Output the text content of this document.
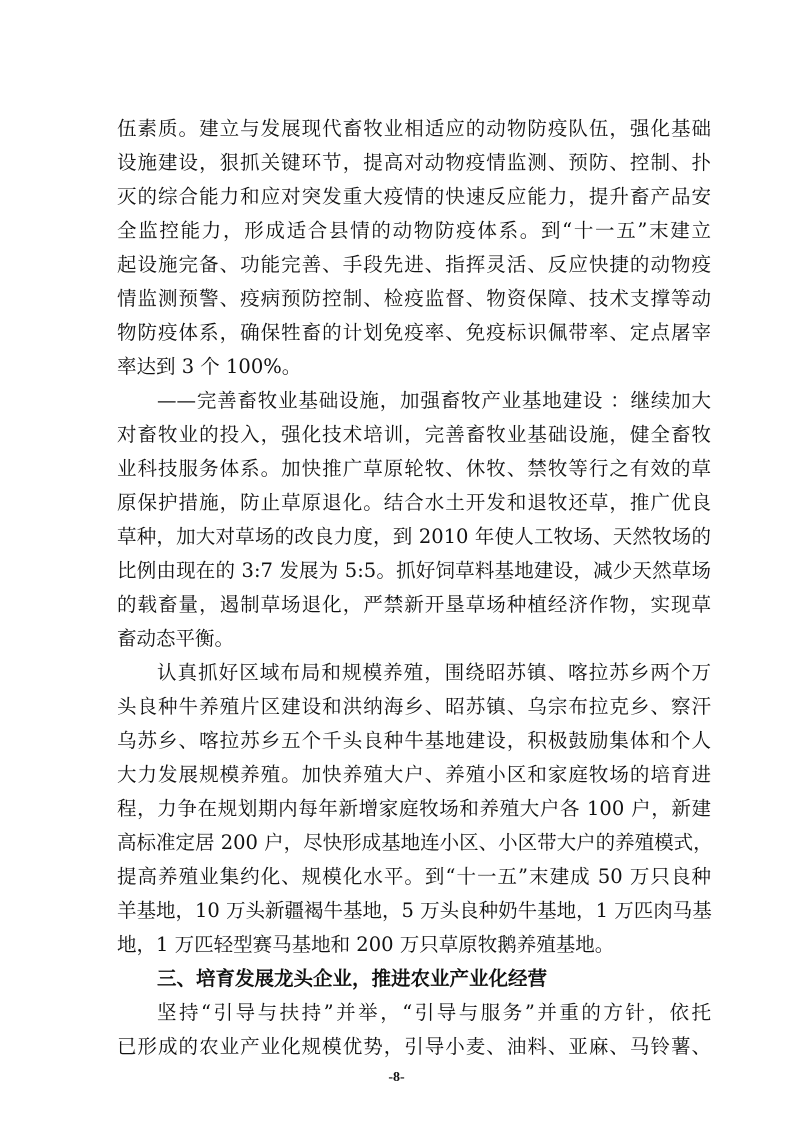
伍素质。建立与发展现代畜牧业相适应的动物防疫队伍，强化基础
设施建设，狠抓关键环节，提高对动物疫情监测、预防、控制、扑
灭的综合能力和应对突发重大疫情的快速反应能力，提升畜产品安
全监控能力，形成适合县情的动物防疫体系。到“十一五”末建立
起设施完备、功能完善、手段先进、指挥灵活、反应快捷的动物疫
情监测预警、疫病预防控制、检疫监督、物资保障、技术支撑等动
物防疫体系，确保牲畜的计划免疫率、免疫标识佩带率、定点屠宰
率达到 3 个 100%。
——完善畜牧业基础设施，加强畜牧产业基地建设 ：继续加大
对畜牧业的投入，强化技术培训，完善畜牧业基础设施，健全畜牧
业科技服务体系。加快推广草原轮牧、休牧、禁牧等行之有效的草
原保护措施，防止草原退化。结合水土开发和退牧还草，推广优良
草种，加大对草场的改良力度，到 2010 年使人工牧场、天然牧场的
比例由现在的 3:7 发展为 5:5。抓好饲草料基地建设，减少天然草场
的载畜量，遏制草场退化，严禁新开垦草场种植经济作物，实现草
畜动态平衡。
认真抓好区域布局和规模养殖，围绕昭苏镇、喀拉苏乡两个万
头良种牛养殖片区建设和洪纳海乡、昭苏镇、乌宗布拉克乡、察汗
乌苏乡、喀拉苏乡五个千头良种牛基地建设，积极鼓励集体和个人
大力发展规模养殖。加快养殖大户、养殖小区和家庭牧场的培育进
程，力争在规划期内每年新增家庭牧场和养殖大户各 100 户，新建
高标准定居 200 户，尽快形成基地连小区、小区带大户的养殖模式，
提高养殖业集约化、规模化水平。到“十一五”末建成 50 万只良种
羊基地，10 万头新疆褐牛基地，5 万头良种奶牛基地，1 万匹肉马基
地，1 万匹轻型赛马基地和 200 万只草原牧鹅养殖基地。
三、培育发展龙头企业，推进农业产业化经营
坚持“引导与扶持”并举，“引导与服务”并重的方针，依托
已形成的农业产业化规模优势，引导小麦、油料、亚麻、马铃薯、
-8-
